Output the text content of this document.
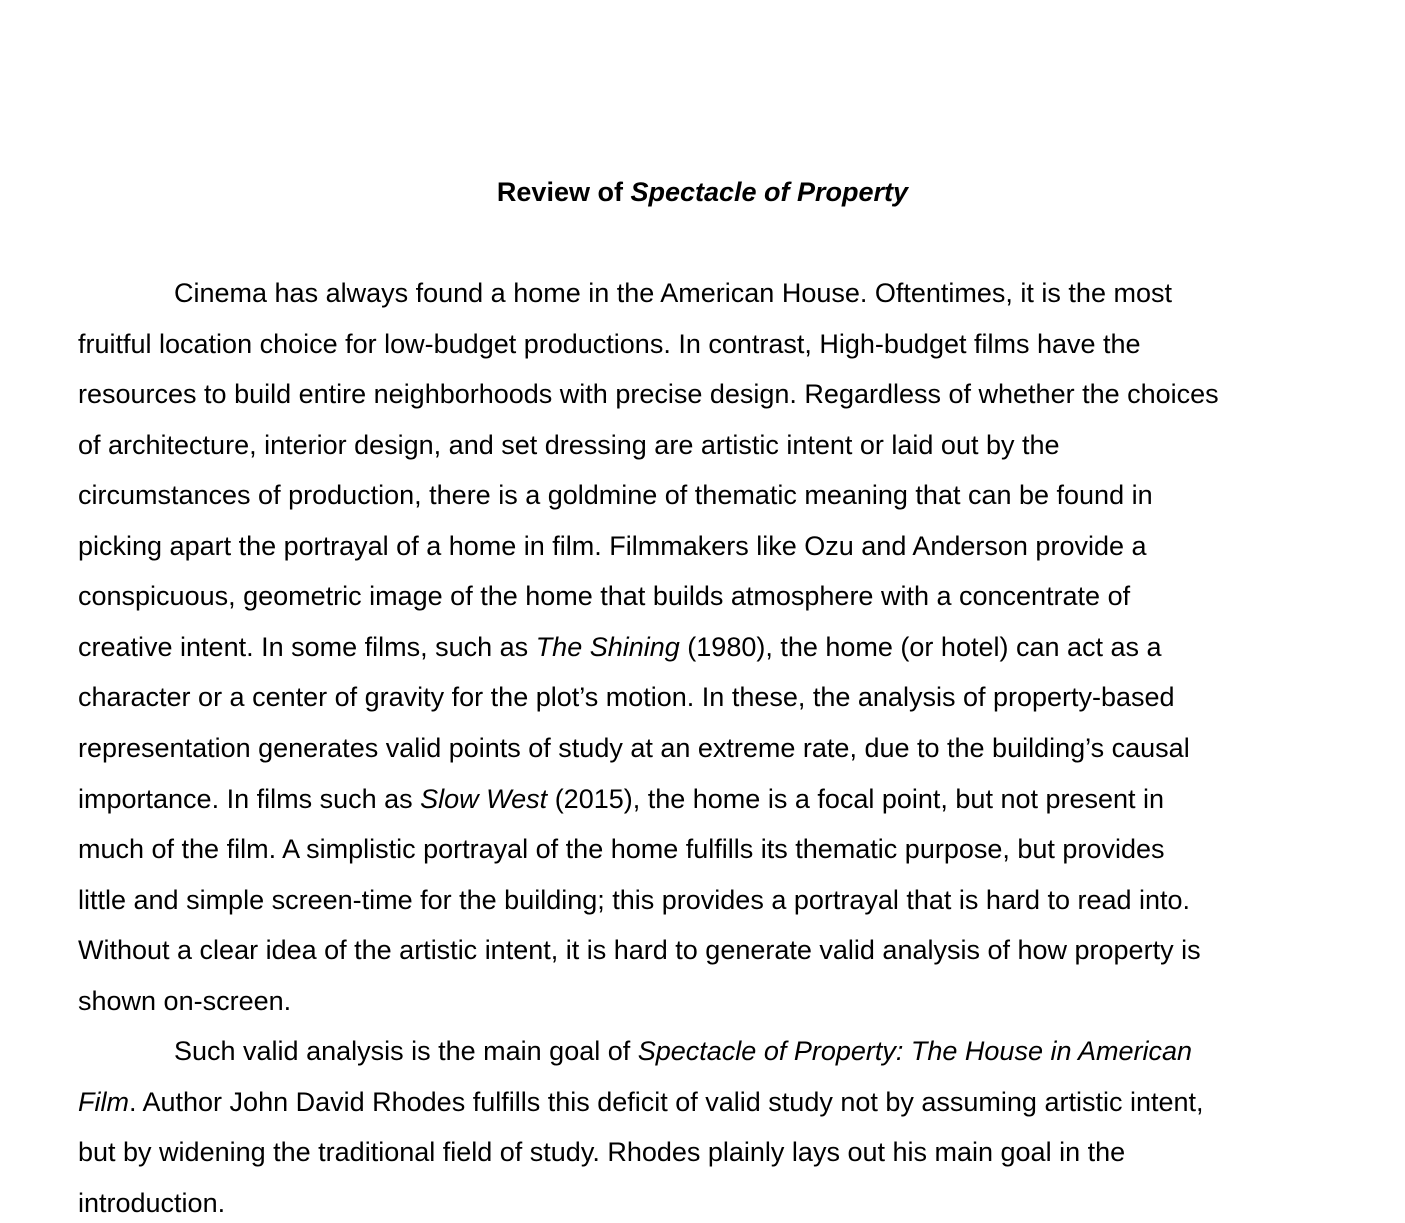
Review of Spectacle of Property

Cinema has always found a home in the American House. Oftentimes, it is the most

fruitful location choice for low-budget productions. In contrast, High-budget films have the

resources to build entire neighborhoods with precise design. Regardless of whether the choices

of architecture, interior design, and set dressing are artistic intent or laid out by the

circumstances of production, there is a goldmine of thematic meaning that can be found in

picking apart the portrayal of a home in film. Filmmakers like Ozu and Anderson provide a

conspicuous, geometric image of the home that builds atmosphere with a concentrate of

creative intent. In some films, such as The Shining (1980), the home (or hotel) can act as a

character or a center of gravity for the plot’s motion. In these, the analysis of property-based

representation generates valid points of study at an extreme rate, due to the building’s causal

importance. In films such as Slow West (2015), the home is a focal point, but not present in

much of the film. A simplistic portrayal of the home fulfills its thematic purpose, but provides

little and simple screen-time for the building; this provides a portrayal that is hard to read into.

Without a clear idea of the artistic intent, it is hard to generate valid analysis of how property is

shown on-screen.

Such valid analysis is the main goal of Spectacle of Property: The House in American

Film. Author John David Rhodes fulfills this deficit of valid study not by assuming artistic intent,

but by widening the traditional field of study. Rhodes plainly lays out his main goal in the

introduction.
